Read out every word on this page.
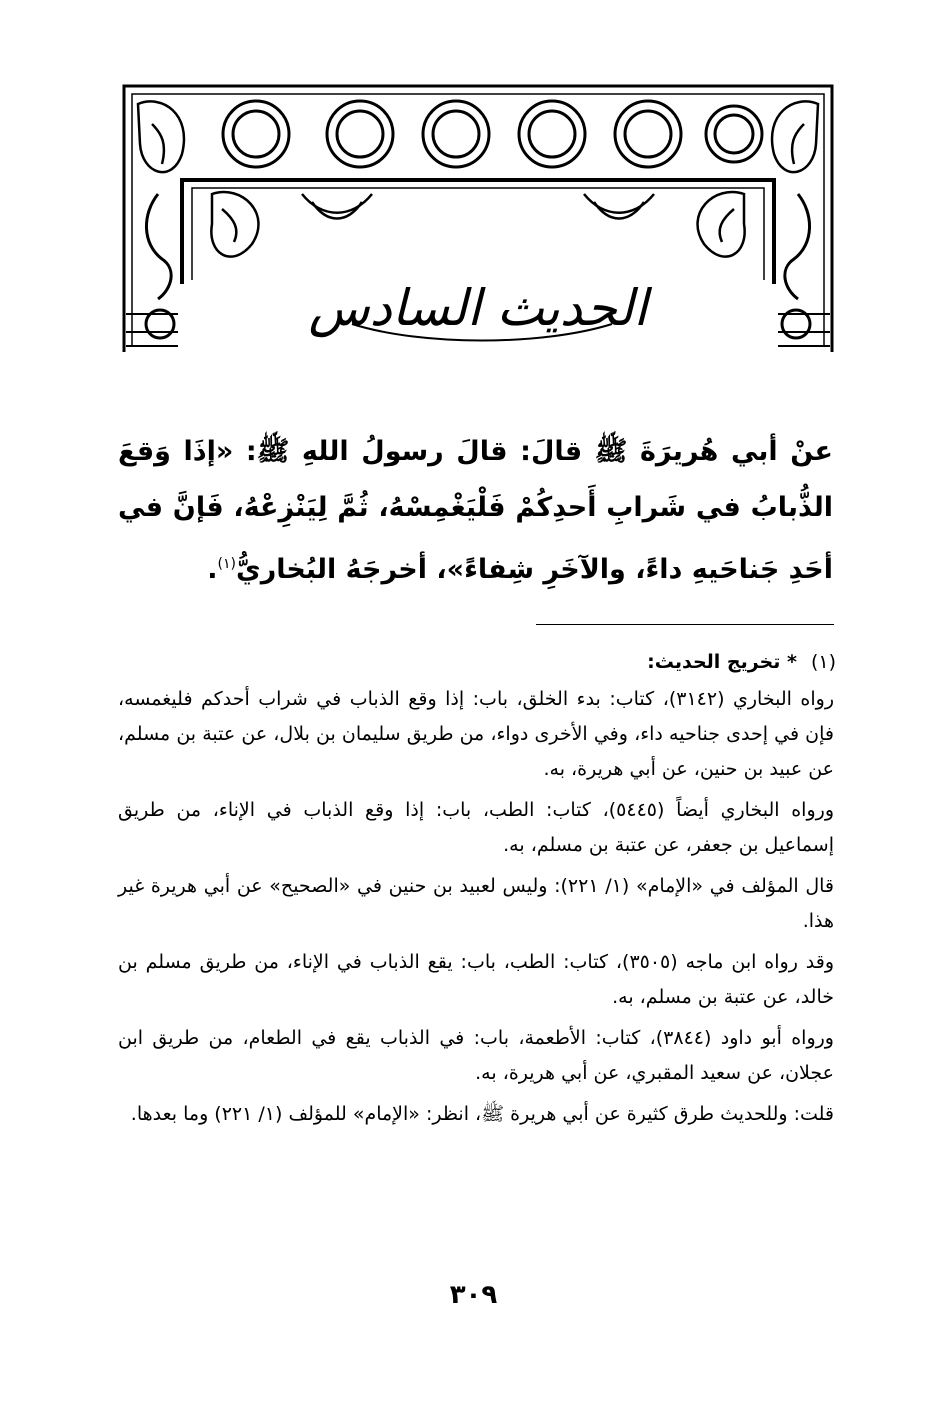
الحديث السادس
عنْ أبي هُريرَةَ ﷺ قالَ: قالَ رسولُ اللهِ ﷺ: «إذَا وَقعَ الذُّبابُ في شَرابِ أَحدِكُمْ فَلْيَغْمِسْهُ، ثُمَّ لِيَنْزِعْهُ، فَإنَّ في أحَدِ جَناحَيهِ داءً، والآخَرِ شِفاءً»، أخرجَهُ البُخاريُّ$^{(١)}$.
(١)
* تخريج الحديث:

رواه البخاري (٣١٤٢)، كتاب: بدء الخلق، باب: إذا وقع الذباب في شراب أحدكم فليغمسه، فإن في إحدى جناحيه داء، وفي الأخرى دواء، من طريق سليمان بن بلال، عن عتبة بن مسلم، عن عبيد بن حنين، عن أبي هريرة، به.

ورواه البخاري أيضاً (٥٤٤٥)، كتاب: الطب، باب: إذا وقع الذباب في الإناء، من طريق إسماعيل بن جعفر، عن عتبة بن مسلم، به.

قال المؤلف في «الإمام» (١/ ٢٢١): وليس لعبيد بن حنين في «الصحيح» عن أبي هريرة غير هذا.

وقد رواه ابن ماجه (٣٥٠٥)، كتاب: الطب، باب: يقع الذباب في الإناء، من طريق مسلم بن خالد، عن عتبة بن مسلم، به.

ورواه أبو داود (٣٨٤٤)، كتاب: الأطعمة، باب: في الذباب يقع في الطعام، من طريق ابن عجلان، عن سعيد المقبري، عن أبي هريرة، به.

قلت: وللحديث طرق كثيرة عن أبي هريرة ﷺ، انظر: «الإمام» للمؤلف (١/ ٢٢١) وما بعدها.

٣٠٩
